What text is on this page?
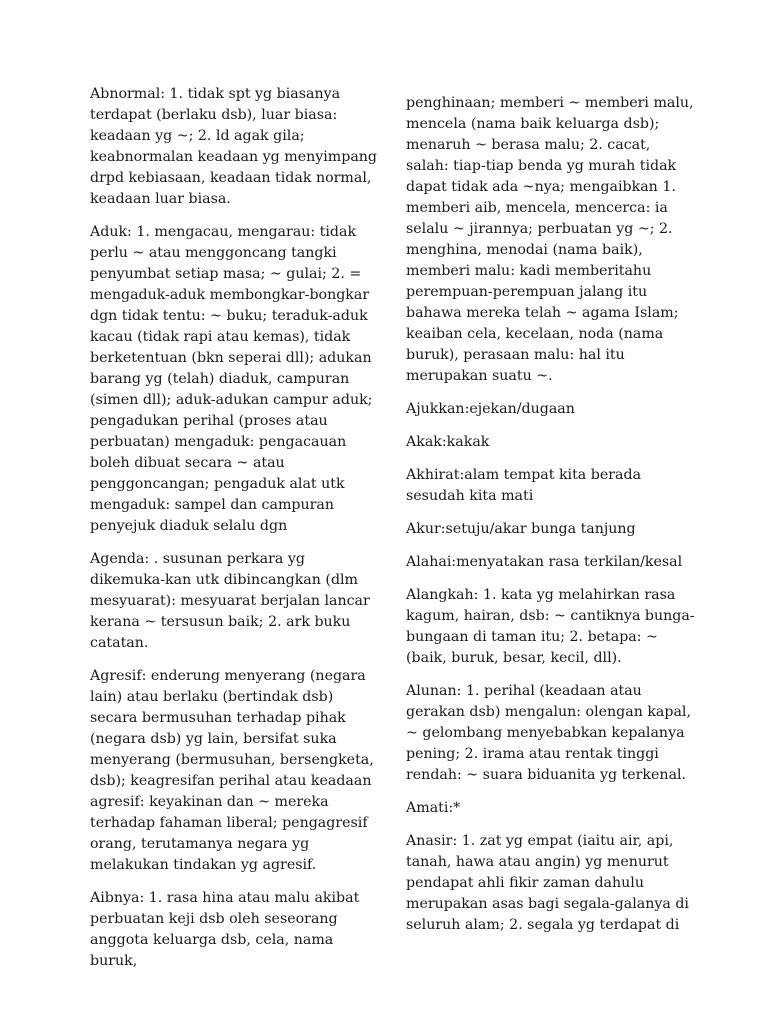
Abnormal: 1. tidak spt yg biasanya terdapat (berlaku dsb), luar biasa: keadaan yg ~; 2. ld agak gila; keabnormalan keadaan yg menyimpang drpd kebiasaan, keadaan tidak normal, keadaan luar biasa.

Aduk: 1. mengacau, mengarau: tidak perlu ~ atau menggoncang tangki penyumbat setiap masa; ~ gulai; 2. = mengaduk-aduk membongkar-bongkar dgn tidak tentu: ~ buku; teraduk-aduk kacau (tidak rapi atau kemas), tidak berketentuan (bkn seperai dll); adukan barang yg (telah) diaduk, campuran (simen dll); aduk-adukan campur aduk; pengadukan perihal (proses atau perbuatan) mengaduk: pengacauan boleh dibuat secara ~ atau penggoncangan; pengaduk alat utk mengaduk: sampel dan campuran penyejuk diaduk selalu dgn

Agenda: . susunan perkara yg dikemuka-kan utk dibincangkan (dlm mesyuarat): mesyuarat berjalan lancar kerana ~ tersusun baik; 2. ark buku catatan.

Agresif: enderung menyerang (negara lain) atau berlaku (bertindak dsb) secara bermusuhan terhadap pihak (negara dsb) yg lain, bersifat suka menyerang (bermusuhan, bersengketa, dsb); keagresifan perihal atau keadaan agresif: keyakinan dan ~ mereka terhadap fahaman liberal; pengagresif orang, terutamanya negara yg melakukan tindakan yg agresif.

Aibnya: 1. rasa hina atau malu akibat perbuatan keji dsb oleh seseorang anggota keluarga dsb, cela, nama buruk,

penghinaan; memberi ~ memberi malu, mencela (nama baik keluarga dsb); menaruh ~ berasa malu; 2. cacat, salah: tiap-tiap benda yg murah tidak dapat tidak ada ~nya; mengaibkan 1. memberi aib, mencela, mencerca: ia selalu ~ jirannya; perbuatan yg ~; 2. menghina, menodai (nama baik), memberi malu: kadi memberitahu perempuan-perempuan jalang itu bahawa mereka telah ~ agama Islam; keaiban cela, kecelaan, noda (nama buruk), perasaan malu: hal itu merupakan suatu ~.

Ajukkan:ejekan/dugaan

Akak:kakak

Akhirat:alam tempat kita berada sesudah kita mati

Akur:setuju/akar bunga tanjung

Alahai:menyatakan rasa terkilan/kesal

Alangkah: 1. kata yg melahirkan rasa kagum, hairan, dsb: ~ cantiknya bunga-bungaan di taman itu; 2. betapa: ~ (baik, buruk, besar, kecil, dll).

Alunan: 1. perihal (keadaan atau gerakan dsb) mengalun: olengan kapal, ~ gelombang menyebabkan kepalanya pening; 2. irama atau rentak tinggi rendah: ~ suara biduanita yg terkenal.

Amati:*

Anasir: 1. zat yg empat (iaitu air, api, tanah, hawa atau angin) yg menurut pendapat ahli fikir zaman dahulu merupakan asas bagi segala-galanya di seluruh alam; 2. segala yg terdapat di
